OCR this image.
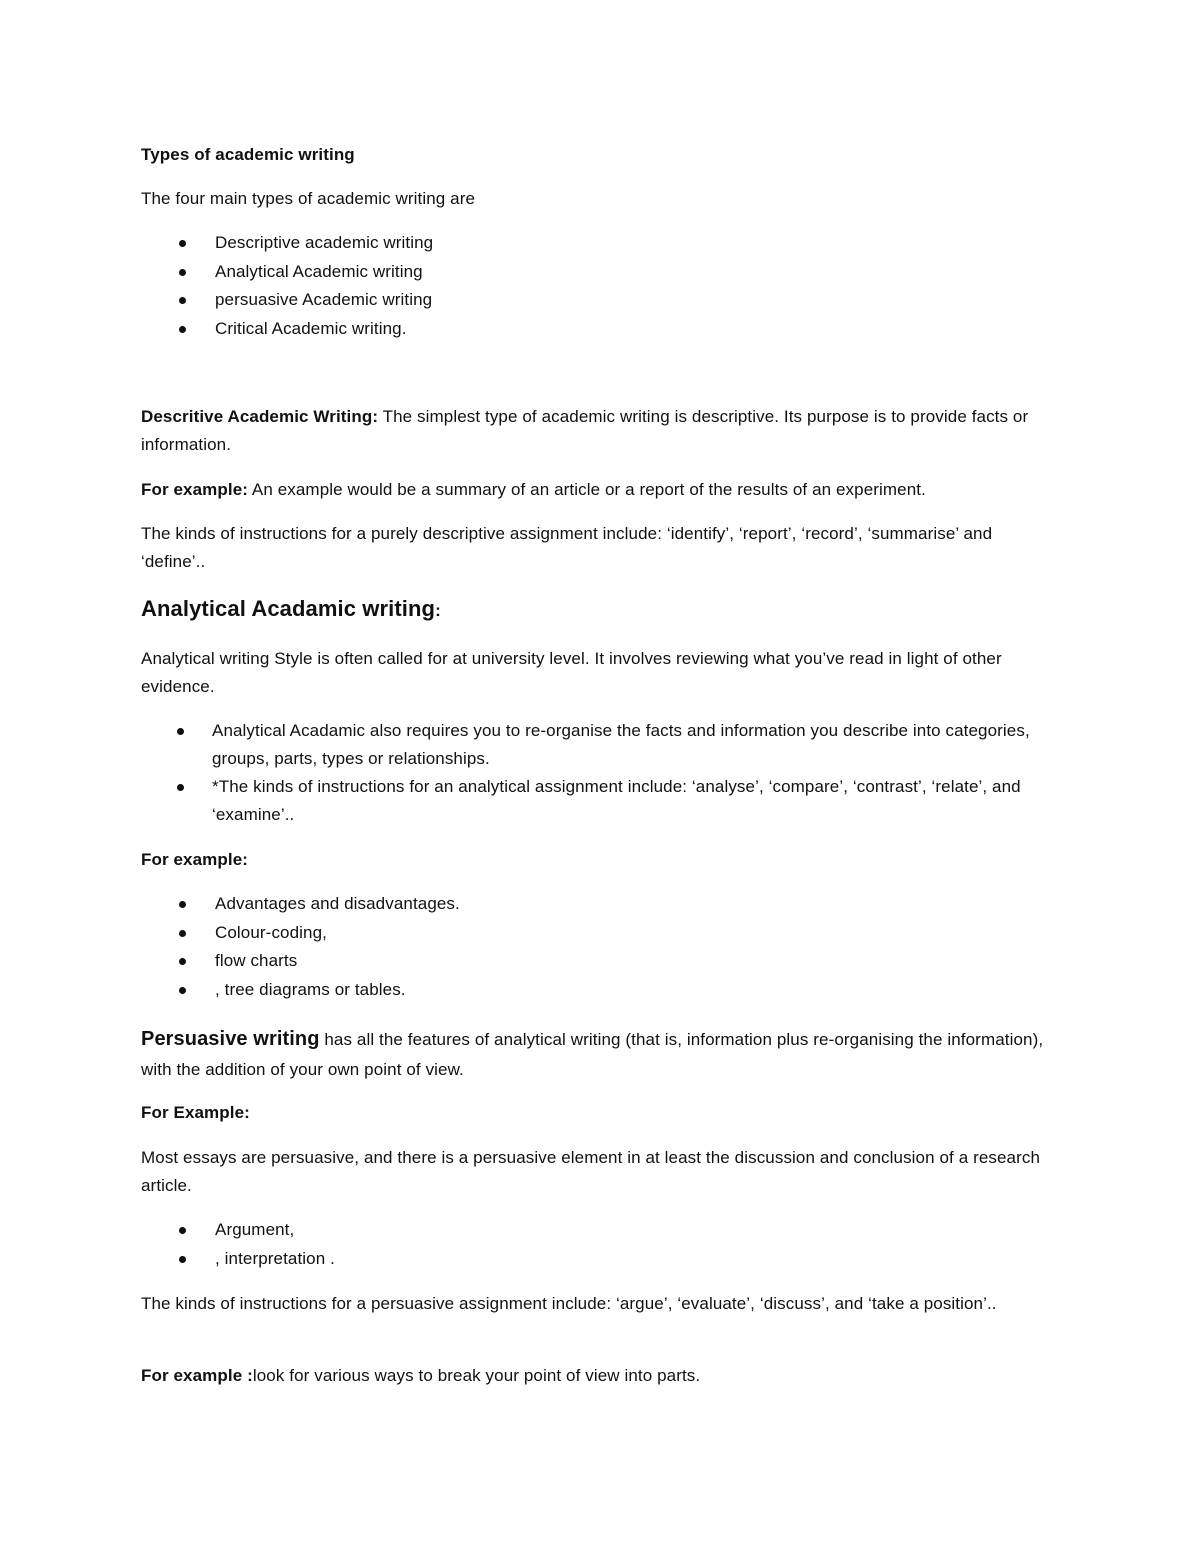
Types of academic writing

The four main types of academic writing are

Descriptive academic writing
Analytical Academic writing
persuasive Academic writing
Critical Academic writing.

Descritive Academic Writing: The simplest type of academic writing is descriptive. Its purpose is to provide facts or information.

For example: An example would be a summary of an article or a report of the results of an experiment.

The kinds of instructions for a purely descriptive assignment include: ‘identify’, ‘report’, ‘record’, ‘summarise’ and ‘define’..

Analytical Acadamic writing:

Analytical writing Style is often called for at university level. It involves reviewing what you’ve read in light of other evidence.

Analytical Acadamic also requires you to re-organise the facts and information you describe into categories, groups, parts, types or relationships.
*The kinds of instructions for an analytical assignment include: ‘analyse’, ‘compare’, ‘contrast’, ‘relate’, and ‘examine’..

For example:

Advantages and disadvantages.
Colour-coding,
flow charts
, tree diagrams or tables.

Persuasive writing has all the features of analytical writing (that is, information plus re-organising the information), with the addition of your own point of view.

For Example:

Most essays are persuasive, and there is a persuasive element in at least the discussion and conclusion of a research article.

Argument,
, interpretation .

The kinds of instructions for a persuasive assignment include: ‘argue’, ‘evaluate’, ‘discuss’, and ‘take a position’..

For example :look for various ways to break your point of view into parts.
